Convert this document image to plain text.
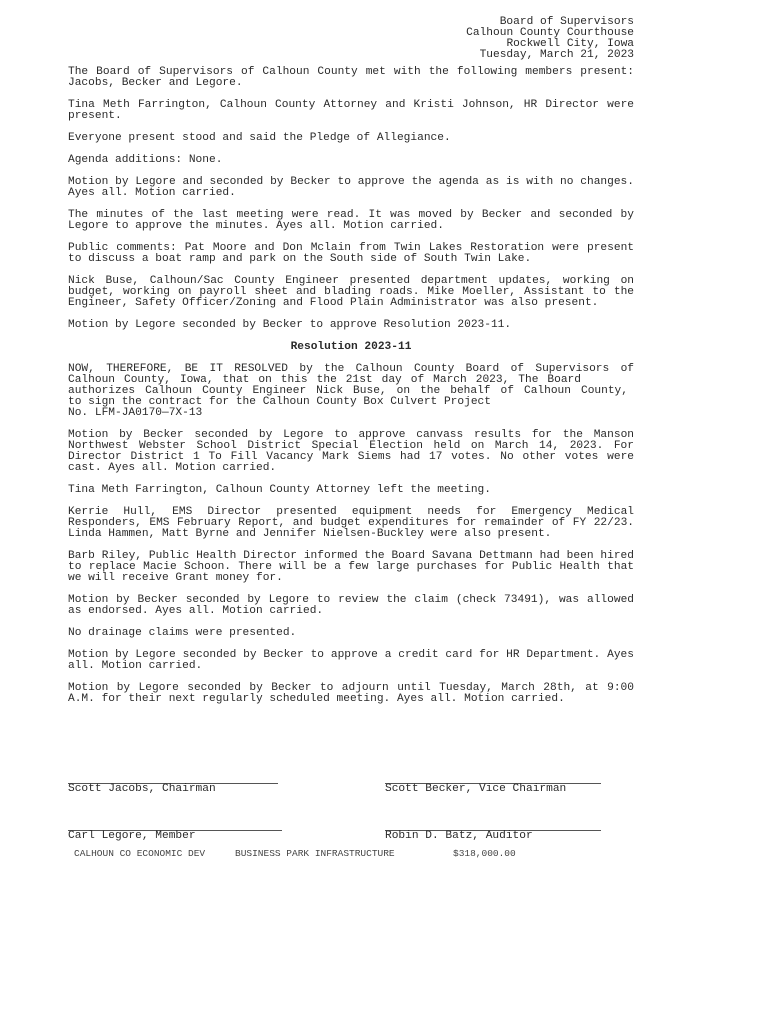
Board of Supervisors
Calhoun County Courthouse
Rockwell City, Iowa
Tuesday, March 21, 2023

The Board of Supervisors of Calhoun County met with the following members present: Jacobs, Becker and Legore.

Tina Meth Farrington, Calhoun County Attorney and Kristi Johnson, HR Director were present.

Everyone present stood and said the Pledge of Allegiance.

Agenda additions: None.

Motion by Legore and seconded by Becker to approve the agenda as is with no changes. Ayes all. Motion carried.

The minutes of the last meeting were read. It was moved by Becker and seconded by Legore to approve the minutes. Ayes all. Motion carried.

Public comments: Pat Moore and Don Mclain from Twin Lakes Restoration were present to discuss a boat ramp and park on the South side of South Twin Lake.

Nick Buse, Calhoun/Sac County Engineer presented department updates, working on budget, working on payroll sheet and blading roads. Mike Moeller, Assistant to the Engineer, Safety Officer/Zoning and Flood Plain Administrator was also present.

Motion by Legore seconded by Becker to approve Resolution 2023-11.

Resolution 2023-11
NOW, THEREFORE, BE IT RESOLVED by the Calhoun County Board of Supervisors of
Calhoun County, Iowa, that on this the 21st day of March 2023, The Board
authorizes Calhoun County Engineer Nick Buse, on the behalf of Calhoun County,
to sign the contract for the Calhoun County Box Culvert Project
No. LFM-JA0170—7X-13

Motion by Becker seconded by Legore to approve canvass results for the Manson Northwest Webster School District Special Election held on March 14, 2023. For Director District 1 To Fill Vacancy Mark Siems had 17 votes. No other votes were cast. Ayes all. Motion carried.

Tina Meth Farrington, Calhoun County Attorney left the meeting.

Kerrie Hull, EMS Director presented equipment needs for Emergency Medical Responders, EMS February Report, and budget expenditures for remainder of FY 22/23. Linda Hammen, Matt Byrne and Jennifer Nielsen-Buckley were also present.

Barb Riley, Public Health Director informed the Board Savana Dettmann had been hired to replace Macie Schoon. There will be a few large purchases for Public Health that we will receive Grant money for.

Motion by Becker seconded by Legore to review the claim (check 73491), was allowed as endorsed. Ayes all. Motion carried.

No drainage claims were presented.

Motion by Legore seconded by Becker to approve a credit card for HR Department. Ayes all. Motion carried.

Motion by Legore seconded by Becker to adjourn until Tuesday, March 28th, at 9:00 A.M. for their next regularly scheduled meeting. Ayes all. Motion carried.

Scott Jacobs, Chairman	Scott Becker, Vice Chairman
Carl Legore, Member	Robin D. Batz, Auditor
CALHOUN CO ECONOMIC DEV	BUSINESS PARK INFRASTRUCTURE	$318,000.00
